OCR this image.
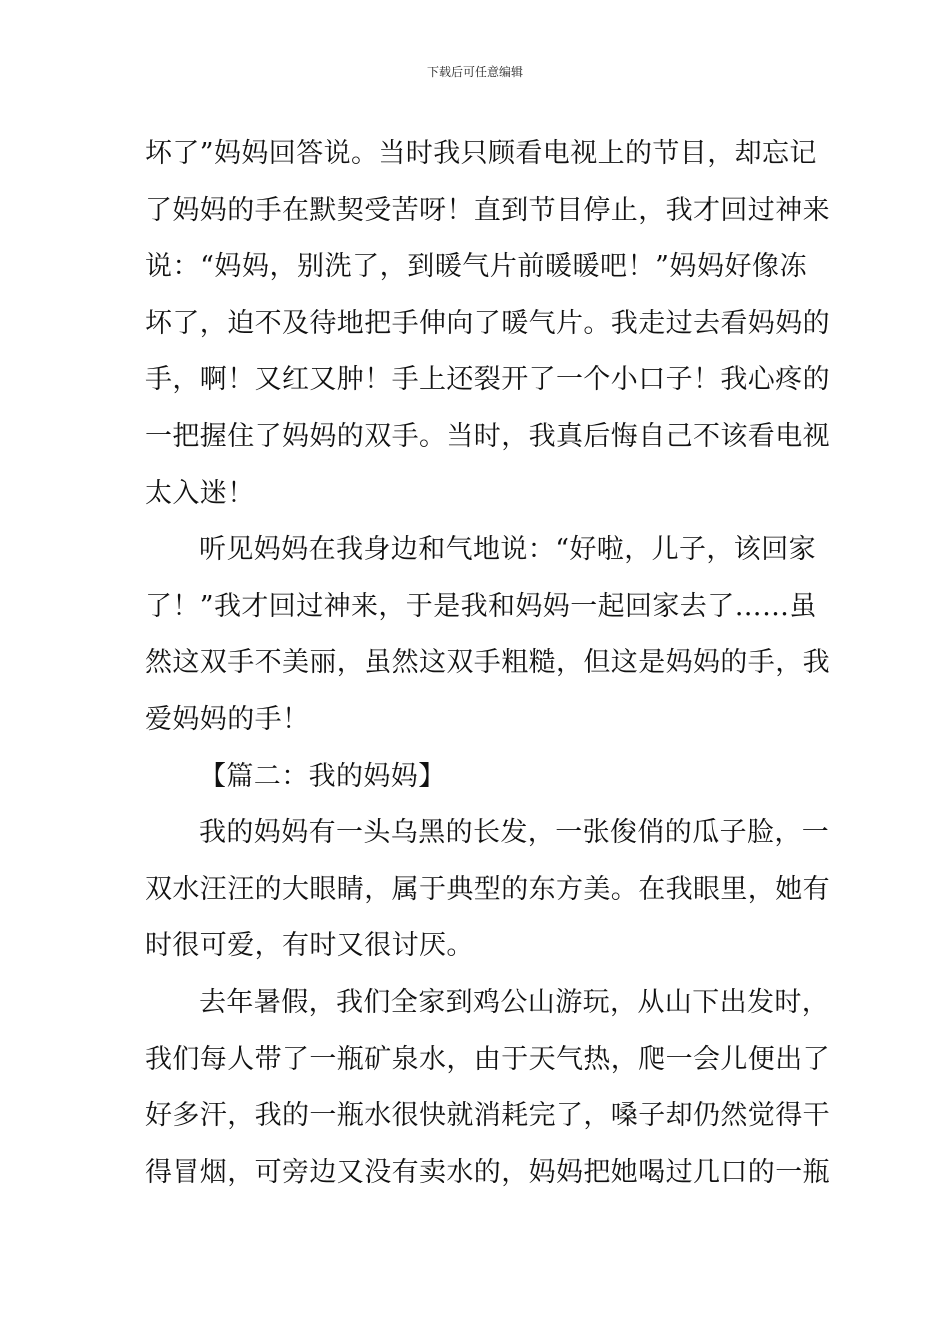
下载后可任意编辑
坏了”妈妈回答说。当时我只顾看电视上的节目，却忘记
了妈妈的手在默契受苦呀！直到节目停止，我才回过神来
说：“妈妈，别洗了，到暖气片前暖暖吧！”妈妈好像冻
坏了，迫不及待地把手伸向了暖气片。我走过去看妈妈的
手，啊！又红又肿！手上还裂开了一个小口子！我心疼的
一把握住了妈妈的双手。当时，我真后悔自己不该看电视
太入迷！
听见妈妈在我身边和气地说：“好啦，儿子，该回家
了！”我才回过神来，于是我和妈妈一起回家去了……虽
然这双手不美丽，虽然这双手粗糙，但这是妈妈的手，我
爱妈妈的手！
【篇二：我的妈妈】
我的妈妈有一头乌黑的长发，一张俊俏的瓜子脸，一
双水汪汪的大眼睛，属于典型的东方美。在我眼里，她有
时很可爱，有时又很讨厌。
去年暑假，我们全家到鸡公山游玩，从山下出发时，
我们每人带了一瓶矿泉水，由于天气热，爬一会儿便出了
好多汗，我的一瓶水很快就消耗完了，嗓子却仍然觉得干
得冒烟，可旁边又没有卖水的，妈妈把她喝过几口的一瓶
